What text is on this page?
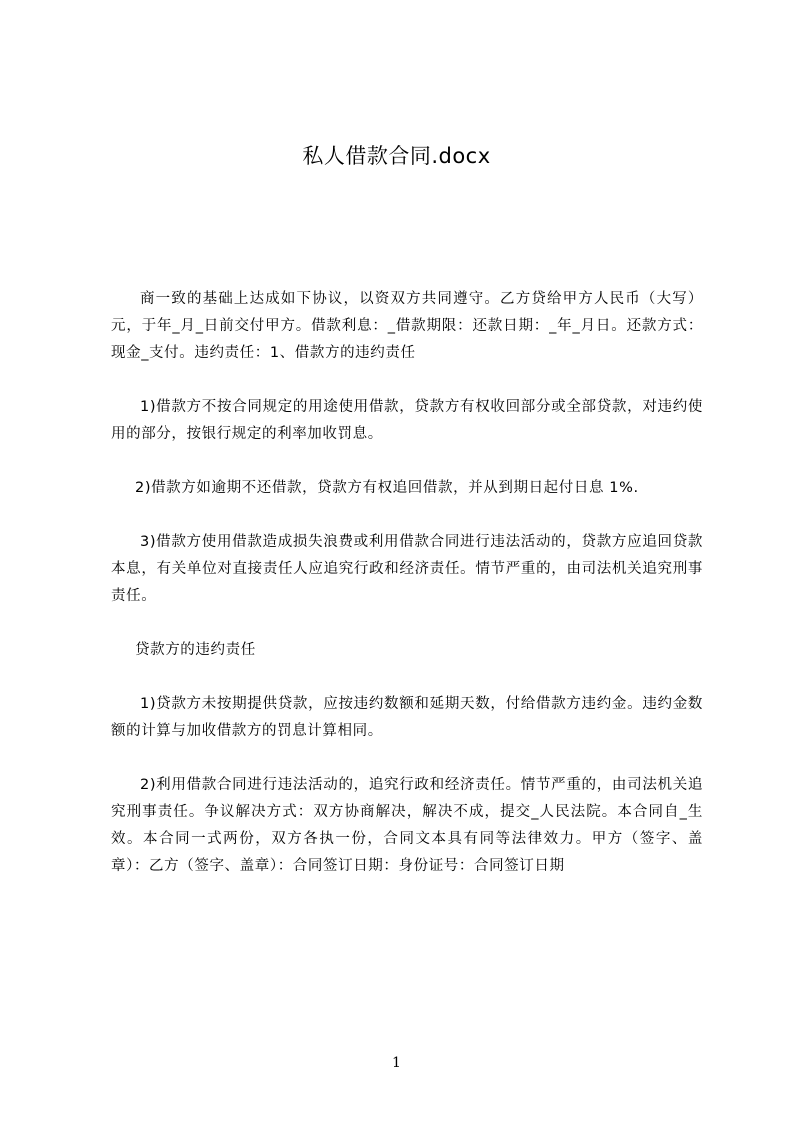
私人借款合同.docx

商一致的基础上达成如下协议，以资双方共同遵守。乙方贷给甲方人民币（大写）元，于年_月_日前交付甲方。借款利息：_借款期限：还款日期：_年_月日。还款方式：现金_支付。违约责任：1、借款方的违约责任

1)借款方不按合同规定的用途使用借款，贷款方有权收回部分或全部贷款，对违约使用的部分，按银行规定的利率加收罚息。

2)借款方如逾期不还借款，贷款方有权追回借款，并从到期日起付日息 1%.

3)借款方使用借款造成损失浪费或利用借款合同进行违法活动的，贷款方应追回贷款本息，有关单位对直接责任人应追究行政和经济责任。情节严重的，由司法机关追究刑事责任。

贷款方的违约责任

1)贷款方未按期提供贷款，应按违约数额和延期天数，付给借款方违约金。违约金数额的计算与加收借款方的罚息计算相同。

2)利用借款合同进行违法活动的，追究行政和经济责任。情节严重的，由司法机关追究刑事责任。争议解决方式：双方协商解决，解决不成，提交_人民法院。本合同自_生效。本合同一式两份，双方各执一份，合同文本具有同等法律效力。甲方（签字、盖章）：乙方（签字、盖章）：合同签订日期：身份证号：合同签订日期

1
